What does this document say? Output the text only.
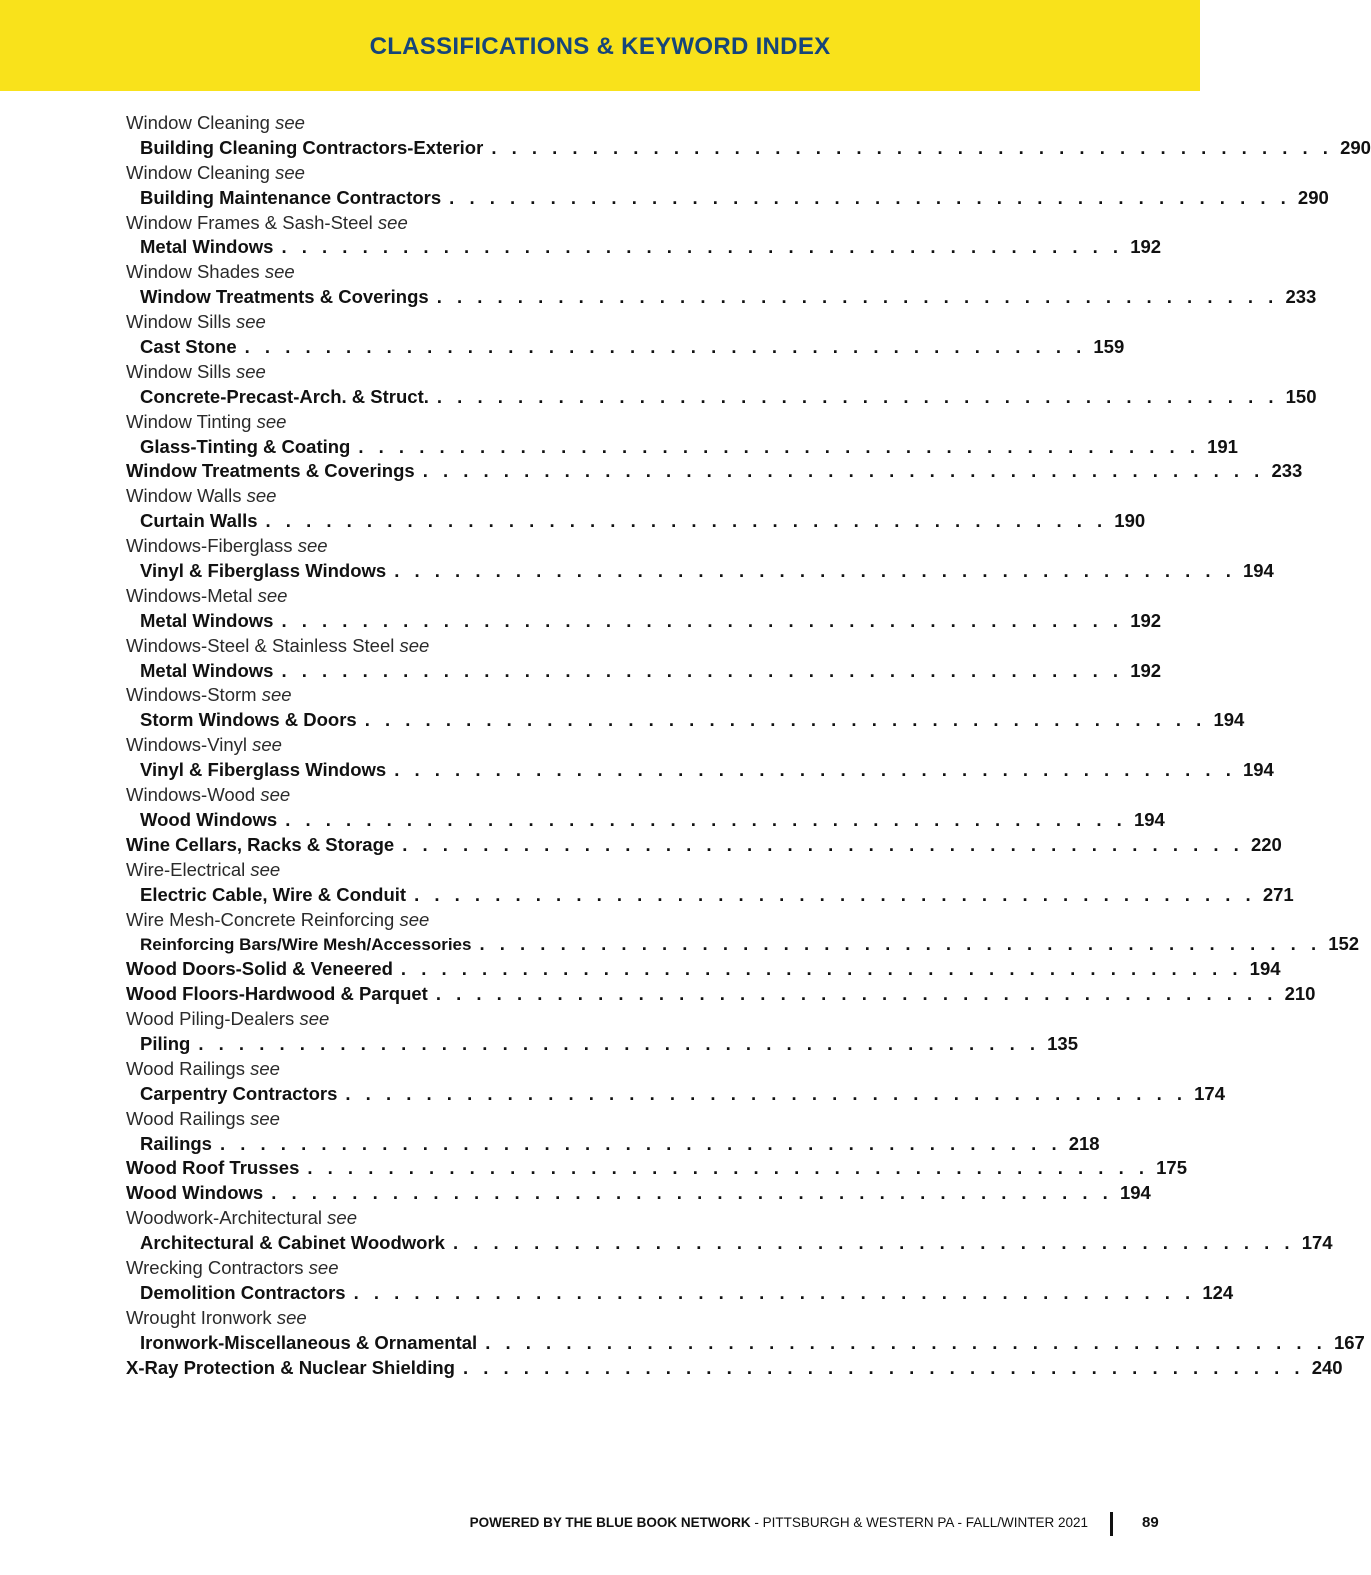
CLASSIFICATIONS & KEYWORD INDEX
Window Cleaning see
Building Cleaning Contractors-Exterior . . . . . . . . . . . . . . . . . . . . . . . . . . . . . . . . . . . . . . . . . . 290
Window Cleaning see
Building Maintenance Contractors . . . . . . . . . . . . . . . . . . . . . . . . . . . . . . . . . . . . . . . . . . 290
Window Frames & Sash-Steel see
Metal Windows . . . . . . . . . . . . . . . . . . . . . . . . . . . . . . . . . . . . . . . . . . 192
Window Shades see
Window Treatments & Coverings . . . . . . . . . . . . . . . . . . . . . . . . . . . . . . . . . . . . . . . . . . 233
Window Sills see
Cast Stone . . . . . . . . . . . . . . . . . . . . . . . . . . . . . . . . . . . . . . . . . . 159
Window Sills see
Concrete-Precast-Arch. & Struct. . . . . . . . . . . . . . . . . . . . . . . . . . . . . . . . . . . . . . . . . . . 150
Window Tinting see
Glass-Tinting & Coating . . . . . . . . . . . . . . . . . . . . . . . . . . . . . . . . . . . . . . . . . . 191
Window Treatments & Coverings . . . . . . . . . . . . . . . . . . . . . . . . . . . . . . . . . . . . . . . . . . 233
Window Walls see
Curtain Walls . . . . . . . . . . . . . . . . . . . . . . . . . . . . . . . . . . . . . . . . . . 190
Windows-Fiberglass see
Vinyl & Fiberglass Windows . . . . . . . . . . . . . . . . . . . . . . . . . . . . . . . . . . . . . . . . . . 194
Windows-Metal see
Metal Windows . . . . . . . . . . . . . . . . . . . . . . . . . . . . . . . . . . . . . . . . . . 192
Windows-Steel & Stainless Steel see
Metal Windows . . . . . . . . . . . . . . . . . . . . . . . . . . . . . . . . . . . . . . . . . . 192
Windows-Storm see
Storm Windows & Doors . . . . . . . . . . . . . . . . . . . . . . . . . . . . . . . . . . . . . . . . . . 194
Windows-Vinyl see
Vinyl & Fiberglass Windows . . . . . . . . . . . . . . . . . . . . . . . . . . . . . . . . . . . . . . . . . . 194
Windows-Wood see
Wood Windows . . . . . . . . . . . . . . . . . . . . . . . . . . . . . . . . . . . . . . . . . . 194
Wine Cellars, Racks & Storage . . . . . . . . . . . . . . . . . . . . . . . . . . . . . . . . . . . . . . . . . . 220
Wire-Electrical see
Electric Cable, Wire & Conduit . . . . . . . . . . . . . . . . . . . . . . . . . . . . . . . . . . . . . . . . . . 271
Wire Mesh-Concrete Reinforcing see
Reinforcing Bars/Wire Mesh/Accessories . . . . . . . . . . . . . . . . . . . . . . . . . . . . . . . . . . . . . . . . . . 152
Wood Doors-Solid & Veneered . . . . . . . . . . . . . . . . . . . . . . . . . . . . . . . . . . . . . . . . . . 194
Wood Floors-Hardwood & Parquet . . . . . . . . . . . . . . . . . . . . . . . . . . . . . . . . . . . . . . . . . . 210
Wood Piling-Dealers see
Piling . . . . . . . . . . . . . . . . . . . . . . . . . . . . . . . . . . . . . . . . . . 135
Wood Railings see
Carpentry Contractors . . . . . . . . . . . . . . . . . . . . . . . . . . . . . . . . . . . . . . . . . . 174
Wood Railings see
Railings . . . . . . . . . . . . . . . . . . . . . . . . . . . . . . . . . . . . . . . . . . 218
Wood Roof Trusses . . . . . . . . . . . . . . . . . . . . . . . . . . . . . . . . . . . . . . . . . . 175
Wood Windows . . . . . . . . . . . . . . . . . . . . . . . . . . . . . . . . . . . . . . . . . . 194
Woodwork-Architectural see
Architectural & Cabinet Woodwork . . . . . . . . . . . . . . . . . . . . . . . . . . . . . . . . . . . . . . . . . . 174
Wrecking Contractors see
Demolition Contractors . . . . . . . . . . . . . . . . . . . . . . . . . . . . . . . . . . . . . . . . . . 124
Wrought Ironwork see
Ironwork-Miscellaneous & Ornamental . . . . . . . . . . . . . . . . . . . . . . . . . . . . . . . . . . . . . . . . . . 167
X-Ray Protection & Nuclear Shielding . . . . . . . . . . . . . . . . . . . . . . . . . . . . . . . . . . . . . . . . . . 240
POWERED BY THE BLUE BOOK NETWORK - PITTSBURGH & WESTERN PA - FALL/WINTER 2021	89
